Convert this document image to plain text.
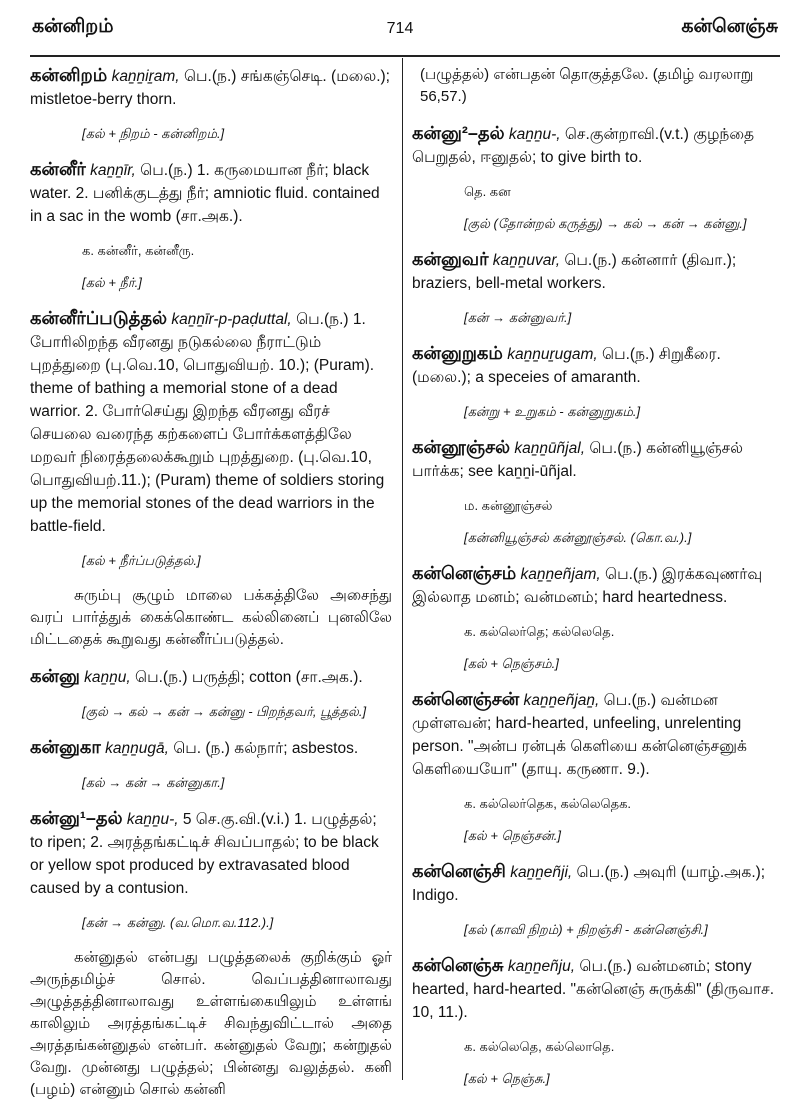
கன்னிறம்	714	கன்னெஞ்சு

கன்னிறம் kaṉṉiṟam, பெ.(ந.) சங்கஞ்செடி. (மலை.); mistletoe-berry thorn.

[கல் + நிறம் - கன்னிறம்.]

கன்னீர் kaṉṉīr, பெ.(ந.) 1. கருமையான நீர்; black water. 2. பனிக்குடத்து நீர்; amniotic fluid. contained in a sac in the womb (சா.அக.).

க. கன்னீர், கன்னீரு.

[கல் + நீர்.]

கன்னீர்ப்படுத்தல் kaṉṉīr-p-paḍuttal, பெ.(ந.) 1. போரிலிறந்த வீரனது நடுகல்லை நீராட்டும் புறத்துறை (பு.வெ.10, பொதுவியற். 10.); (Puram). theme of bathing a memorial stone of a dead warrior. 2. போர்செய்து இறந்த வீரனது வீரச் செயலை வரைந்த கற்களைப் போர்க்களத்திலே மறவர் நிரைத்தலைக்கூறும் புறத்துறை. (பு.வெ.10, பொதுவியற்.11.); (Puram) theme of soldiers storing up the memorial stones of the dead warriors in the battle-field.

[கல் + நீர்ப்படுத்தல்.]

சுரும்பு சூழும் மாலை பக்கத்திலே அசைந்து வரப் பார்த்துக் கைக்கொண்ட கல்லினைப் புனலிலே மிட்டதைக் கூறுவது கன்னீர்ப்படுத்தல்.

கன்னு kaṉṉu, பெ.(ந.) பருத்தி; cotton (சா.அக.).

[குல் → கல் → கன் → கன்னு - பிறந்தவர், பூத்தல்.]

கன்னுகா kaṉṉugā, பெ. (ந.) கல்நார்; asbestos.

[கல் → கன் → கன்னுகா.]

கன்னு¹–தல் kaṉṉu-, 5 செ.கு.வி.(v.i.) 1. பழுத்தல்; to ripen; 2. அரத்தங்கட்டிச் சிவப்பாதல்; to be black or yellow spot produced by extravasated blood caused by a contusion.

[கன் → கன்னு. (வ.மொ.வ.112.).]

கன்னுதல் என்பது பழுத்தலைக் குறிக்கும் ஓர் அருந்தமிழ்ச் சொல். வெப்பத்தினாலாவது அழுத்தத்தினாலாவது உள்ளங்கையிலும் உள்ளங் காலிலும் அரத்தங்கட்டிச் சிவந்துவிட்டால் அதை அரத்தங்கன்னுதல் என்பர். கன்னுதல் வேறு; கன்றுதல் வேறு. முன்னது பழுத்தல்; பின்னது வலுத்தல். கனி (பழம்) என்னும் சொல் கன்னி

(பழுத்தல்) என்பதன் தொகுத்தலே. (தமிழ் வரலாறு 56,57.)

கன்னு²–தல் kaṉṉu-, செ.குன்றாவி.(v.t.) குழந்தை பெறுதல், ஈனுதல்; to give birth to.

தெ. கன

[குல் (தோன்றல் கருத்து) → கல் → கன் → கன்னு.]

கன்னுவர் kaṉṉuvar, பெ.(ந.) கன்னார் (திவா.); braziers, bell-metal workers.

[கன் → கன்னுவர்.]

கன்னுறுகம் kaṉṉuṟugam, பெ.(ந.) சிறுகீரை. (மலை.); a speceies of amaranth.

[கன்று + உறுகம் - கன்னுறுகம்.]

கன்னூஞ்சல் kaṉṉūñjal, பெ.(ந.) கன்னியூஞ்சல் பார்க்க; see kaṉṉi-ūñjal.

ம. கன்னூஞ்சல்

[கன்னியூஞ்சல் கன்னூஞ்சல். (கொ.வ.).]

கன்னெஞ்சம் kaṉṉeñjam, பெ.(ந.) இரக்கவுணர்வு இல்லாத மனம்; வன்மனம்; hard heartedness.

க. கல்லெர்தெ; கல்லெதெ.

[கல் + நெஞ்சம்.]

கன்னெஞ்சன் kaṉṉeñjaṉ, பெ.(ந.) வன்மன முள்ளவன்; hard-hearted, unfeeling, unrelenting person. "அன்ப ரன்புக் கெளியை கன்னெஞ்சனுக் கெளியையோ" (தாயு. கருணா. 9.).

க. கல்லெர்தெக, கல்லெதெக.

[கல் + நெஞ்சன்.]

கன்னெஞ்சி kaṉṉeñji, பெ.(ந.) அவுரி (யாழ்.அக.); Indigo.

[கல் (காவி நிறம்) + நிறஞ்சி - கன்னெஞ்சி.]

கன்னெஞ்சு kaṉṉeñju, பெ.(ந.) வன்மனம்; stony hearted, hard-hearted. "கன்னெஞ் சுருக்கி" (திருவாச. 10, 11.).

க. கல்லெதெ, கல்லொதெ.

[கல் + நெஞ்சு.]
